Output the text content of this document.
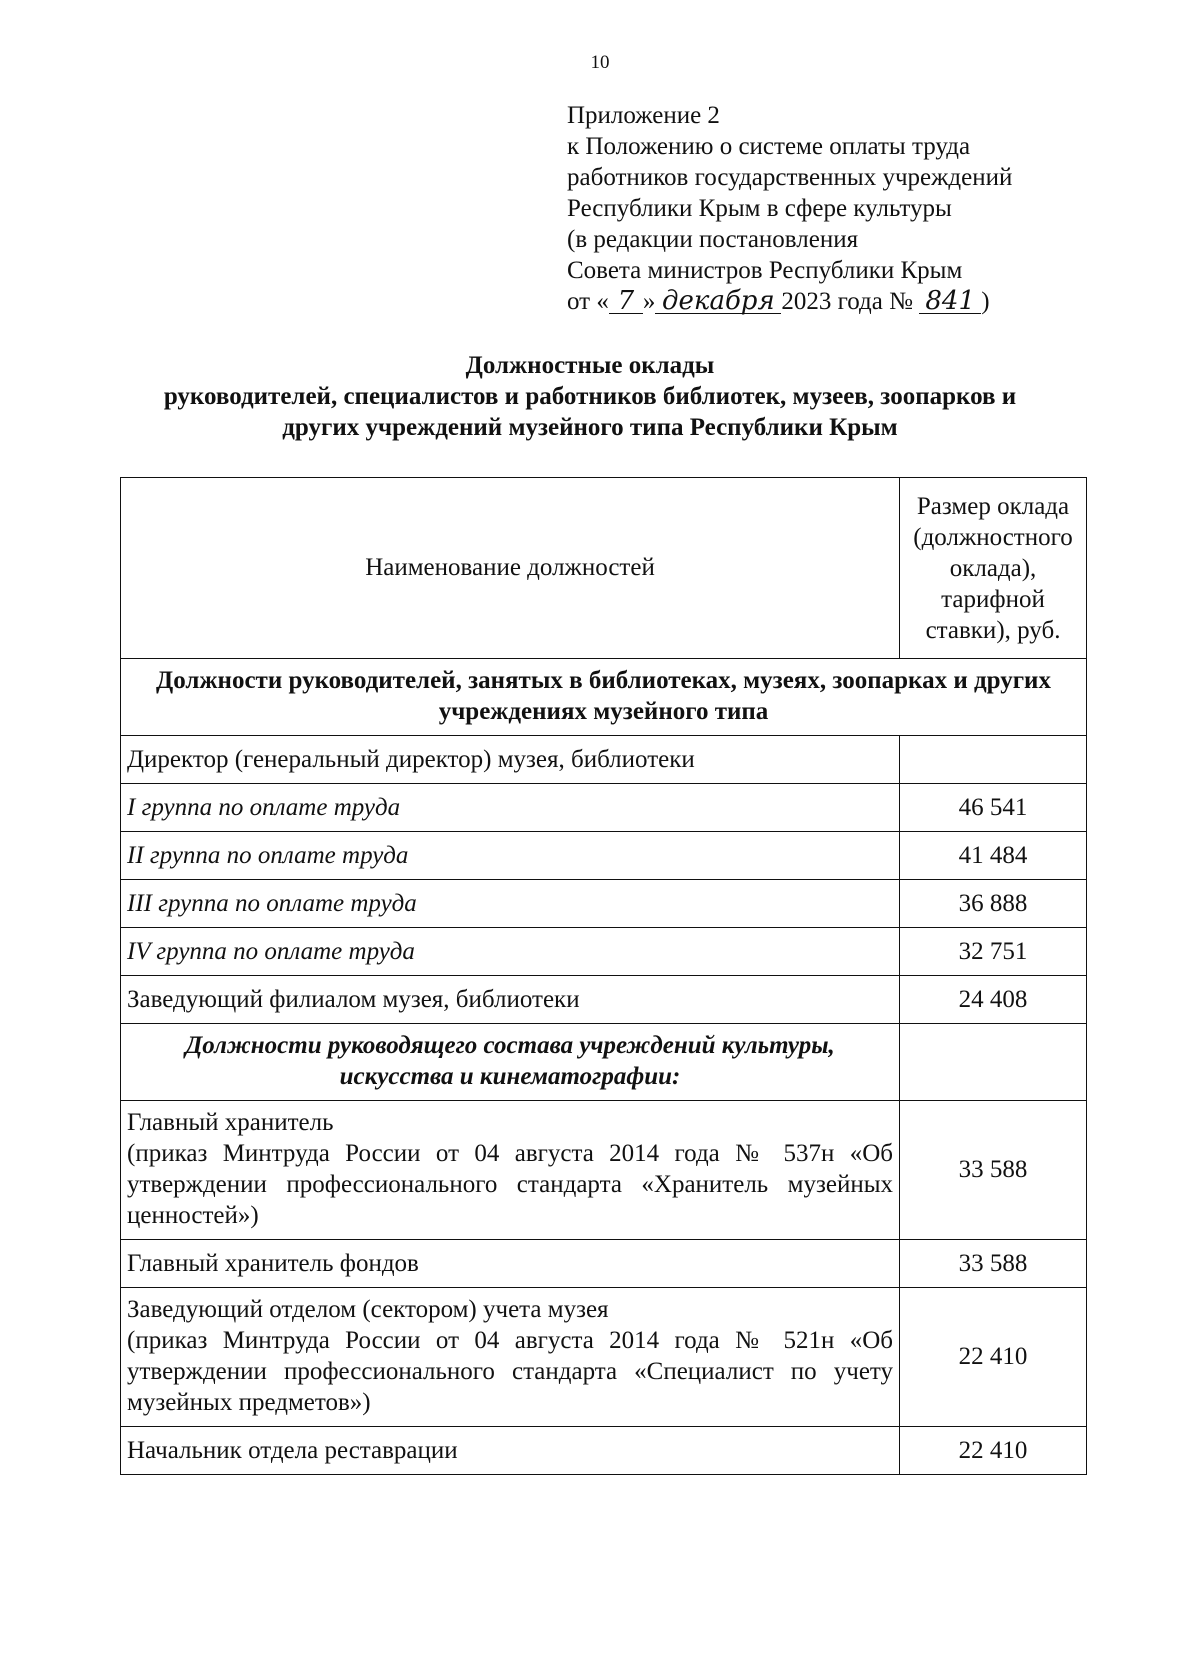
10
Приложение 2
к Положению о системе оплаты труда
работников государственных учреждений
Республики Крым в сфере культуры
(в редакции постановления
Совета министров Республики Крым
от « 7 » декабря 2023 года № 841 )
Должностные оклады
руководителей, специалистов и работников библиотек, музеев, зоопарков и
других учреждений музейного типа Республики Крым
Наименование должностей	Размер оклада (должностного оклада), тарифной ставки), руб.
Должности руководителей, занятых в библиотеках, музеях, зоопарках и других учреждениях музейного типа	
Директор (генеральный директор) музея, библиотеки	
I группа по оплате труда	46 541
II группа по оплате труда	41 484
III группа по оплате труда	36 888
IV группа по оплате труда	32 751
Заведующий филиалом музея, библиотеки	24 408
Должности руководящего состава учреждений культуры, искусства и кинематографии:	

Главный хранитель
(приказ Минтруда России от 04 августа 2014 года № 537н «Об утверждении профессионального стандарта «Хранитель музейных ценностей»)	33 588
Главный хранитель фондов	33 588

Заведующий отделом (сектором) учета музея
(приказ Минтруда России от 04 августа 2014 года № 521н «Об утверждении профессионального стандарта «Специалист по учету музейных предметов»)	22 410
Начальник отдела реставрации	22 410
